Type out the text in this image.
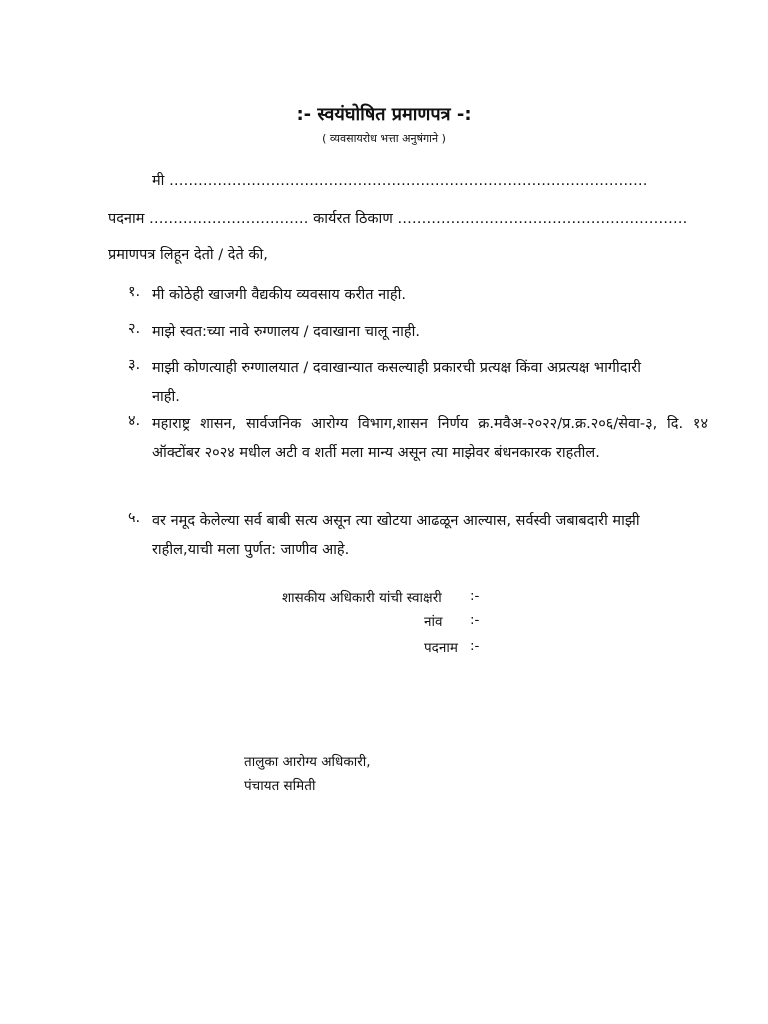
:- स्वयंघोषित प्रमाणपत्र -:
( व्यवसायरोध भत्ता अनुषंगाने )
मी ………………………………………………………………………………………
पदनाम …………………………… कार्यरत ठिकाण ……………………………………………………
प्रमाणपत्र लिहून देतो / देते की,
१. मी कोठेही खाजगी वैद्यकीय व्यवसाय करीत नाही.
२. माझे स्वत:च्या नावे रुग्णालय / दवाखाना चालू नाही.
३. माझी कोणत्याही रुग्णालयात / दवाखान्यात कसल्याही प्रकारची प्रत्यक्ष किंवा अप्रत्यक्ष भागीदारी नाही.
४. महाराष्ट्र शासन, सार्वजनिक आरोग्य विभाग,शासन निर्णय क्र.मवैअ-२०२२/प्र.क्र.२०६/सेवा-३, दि. १४ ऑक्टोंबर २०२४ मधील अटी व शर्ती मला मान्य असून त्या माझेवर बंधनकारक राहतील.
५. वर नमूद केलेल्या सर्व बाबी सत्य असून त्या खोटया आढळून आल्यास, सर्वस्वी जबाबदारी माझी राहील,याची मला पुर्णत: जाणीव आहे.
शासकीय अधिकारी यांची स्वाक्षरी :-
नांव :-
पदनाम :-
तालुका आरोग्य अधिकारी,
पंचायत समिती
